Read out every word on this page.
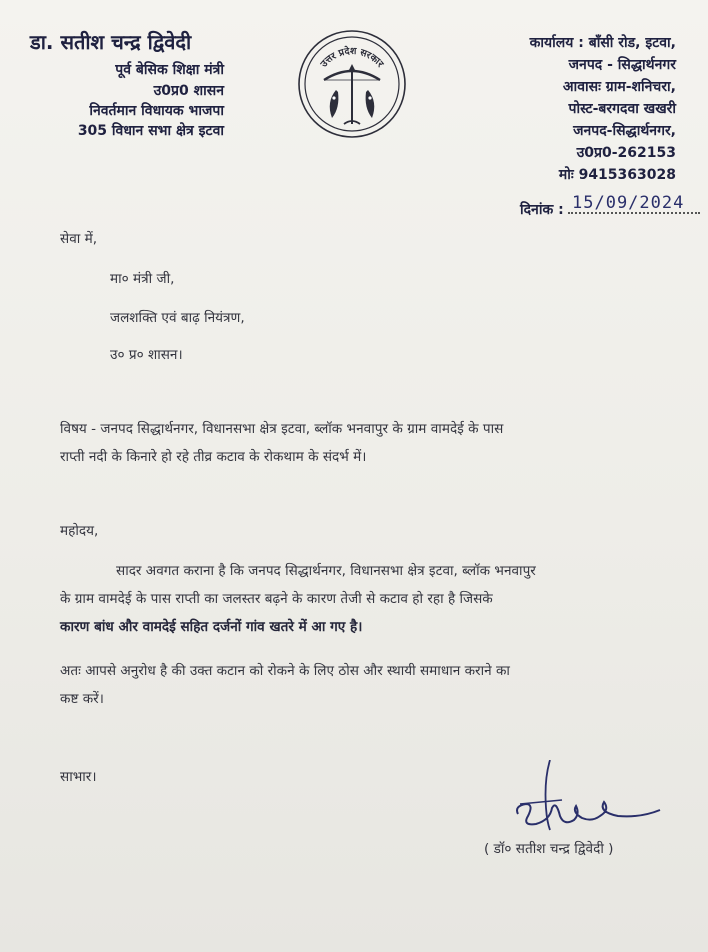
डा. सतीश चन्द्र द्विवेदी
पूर्व बेसिक शिक्षा मंत्री
उ0प्र0 शासन
निवर्तमान विधायक भाजपा
305 विधान सभा क्षेत्र इटवा
उत्तर प्रदेश सरकार
कार्यालय : बाँसी रोड, इटवा,
जनपद - सिद्धार्थनगर
आवासः ग्राम-शनिचरा,
पोस्ट-बरगदवा खखरी
जनपद-सिद्धार्थनगर,
उ0प्र0-262153
मोः 9415363028
दिनांक : 15/09/2024
सेवा में,
मा० मंत्री जी,
जलशक्ति एवं बाढ़ नियंत्रण,
उ० प्र० शासन।
विषय - जनपद सिद्धार्थनगर, विधानसभा क्षेत्र इटवा, ब्लॉक भनवापुर के ग्राम वामदेई के पास
राप्ती नदी के किनारे हो रहे तीव्र कटाव के रोकथाम के संदर्भ में।
महोदय,
सादर अवगत कराना है कि जनपद सिद्धार्थनगर, विधानसभा क्षेत्र इटवा, ब्लॉक भनवापुर
के ग्राम वामदेई के पास राप्ती का जलस्तर बढ़ने के कारण तेजी से कटाव हो रहा है जिसके
कारण बांध और वामदेई सहित दर्जनों गांव खतरे में आ गए है।
अतः आपसे अनुरोध है की उक्त कटान को रोकने के लिए ठोस और स्थायी समाधान कराने का
कष्ट करें।
साभार।
( डॉ० सतीश चन्द्र द्विवेदी )
